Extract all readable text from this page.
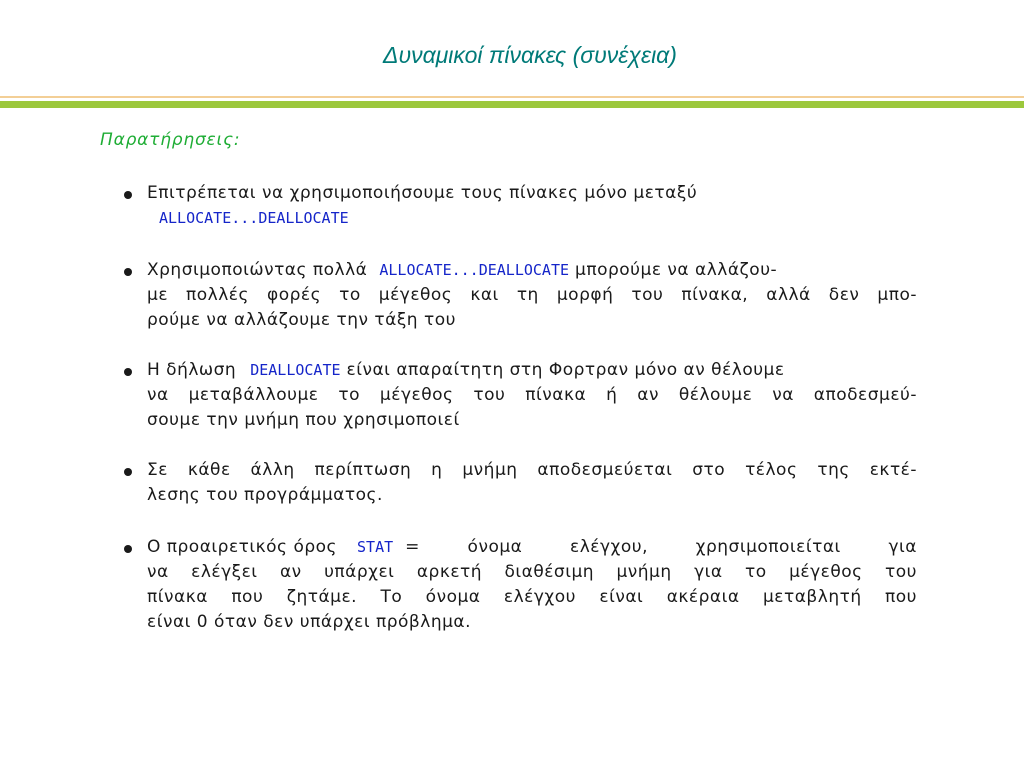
Δυναμικοί πίνακες (συνέχεια)
Παρατήρησεις:
Επιτρέπεται να χρησιμοποιήσουμε τους πίνακες μόνο μεταξύ
ALLOCATE...DEALLOCATE
Χρησιμοποιώντας πολλά ALLOCATE...DEALLOCATE μπορούμε να αλλάζου-
με πολλές φορές το μέγεθος και τη μορφή του πίνακα, αλλά δεν μπο-
ρούμε να αλλάζουμε την τάξη του
Η δήλωση DEALLOCATE είναι απαραίτητη στη Φορτραν μόνο αν θέλουμε
να μεταβάλλουμε το μέγεθος του πίνακα ή αν θέλουμε να αποδεσμεύ-
σουμε την μνήμη που χρησιμοποιεί
Σε κάθε άλλη περίπτωση η μνήμη αποδεσμεύεται στο τέλος της εκτέ-
λεσης του προγράμματος.
Ο προαιρετικός όρος STAT = όνομα ελέγχου, χρησιμοποιείται για
να ελέγξει αν υπάρχει αρκετή διαθέσιμη μνήμη για το μέγεθος του
πίνακα που ζητάμε. Το όνομα ελέγχου είναι ακέραια μεταβλητή που
είναι 0 όταν δεν υπάρχει πρόβλημα.
